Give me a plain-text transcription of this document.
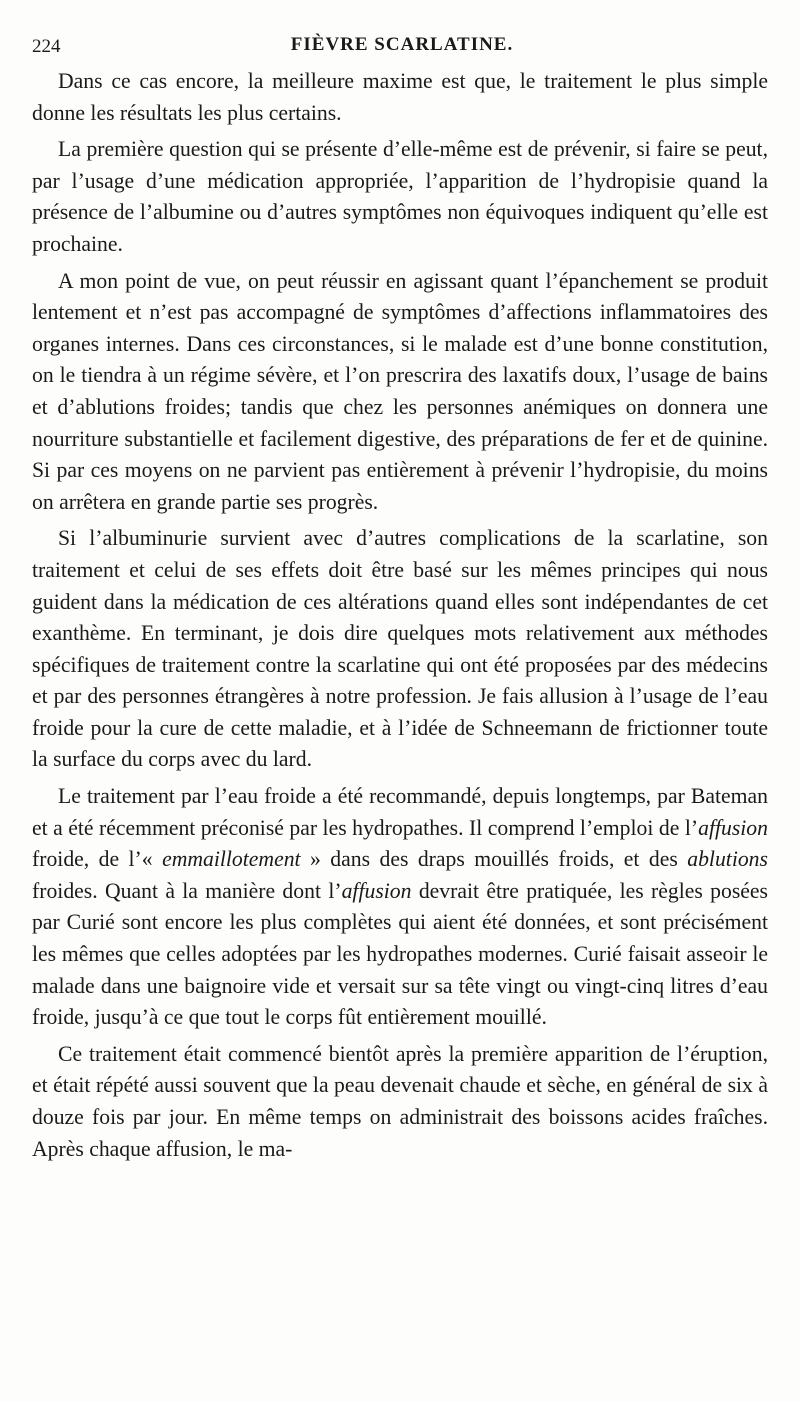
224	FIÈVRE SCARLATINE.

Dans ce cas encore, la meilleure maxime est que, le traitement le plus simple donne les résultats les plus certains.

La première question qui se présente d’elle-même est de prévenir, si faire se peut, par l’usage d’une médication appropriée, l’apparition de l’hydropisie quand la présence de l’albumine ou d’autres symptômes non équivoques indiquent qu’elle est prochaine.

A mon point de vue, on peut réussir en agissant quant l’épanchement se produit lentement et n’est pas accompagné de symptômes d’affections inflammatoires des organes internes. Dans ces circonstances, si le malade est d’une bonne constitution, on le tiendra à un régime sévère, et l’on prescrira des laxatifs doux, l’usage de bains et d’ablutions froides; tandis que chez les personnes anémiques on donnera une nourriture substantielle et facilement digestive, des préparations de fer et de quinine. Si par ces moyens on ne parvient pas entièrement à prévenir l’hydropisie, du moins on arrêtera en grande partie ses progrès.

Si l’albuminurie survient avec d’autres complications de la scarlatine, son traitement et celui de ses effets doit être basé sur les mêmes principes qui nous guident dans la médication de ces altérations quand elles sont indépendantes de cet exanthème. En terminant, je dois dire quelques mots relativement aux méthodes spécifiques de traitement contre la scarlatine qui ont été proposées par des médecins et par des personnes étrangères à notre profession. Je fais allusion à l’usage de l’eau froide pour la cure de cette maladie, et à l’idée de Schneemann de frictionner toute la surface du corps avec du lard.

Le traitement par l’eau froide a été recommandé, depuis longtemps, par Bateman et a été récemment préconisé par les hydropathes. Il comprend l’emploi de l’affusion froide, de l’« emmaillotement » dans des draps mouillés froids, et des ablutions froides. Quant à la manière dont l’affusion devrait être pratiquée, les règles posées par Curié sont encore les plus complètes qui aient été données, et sont précisément les mêmes que celles adoptées par les hydropathes modernes. Curié faisait asseoir le malade dans une baignoire vide et versait sur sa tête vingt ou vingt-cinq litres d’eau froide, jusqu’à ce que tout le corps fût entièrement mouillé.

Ce traitement était commencé bientôt après la première apparition de l’éruption, et était répété aussi souvent que la peau devenait chaude et sèche, en général de six à douze fois par jour. En même temps on administrait des boissons acides fraîches. Après chaque affusion, le ma-
